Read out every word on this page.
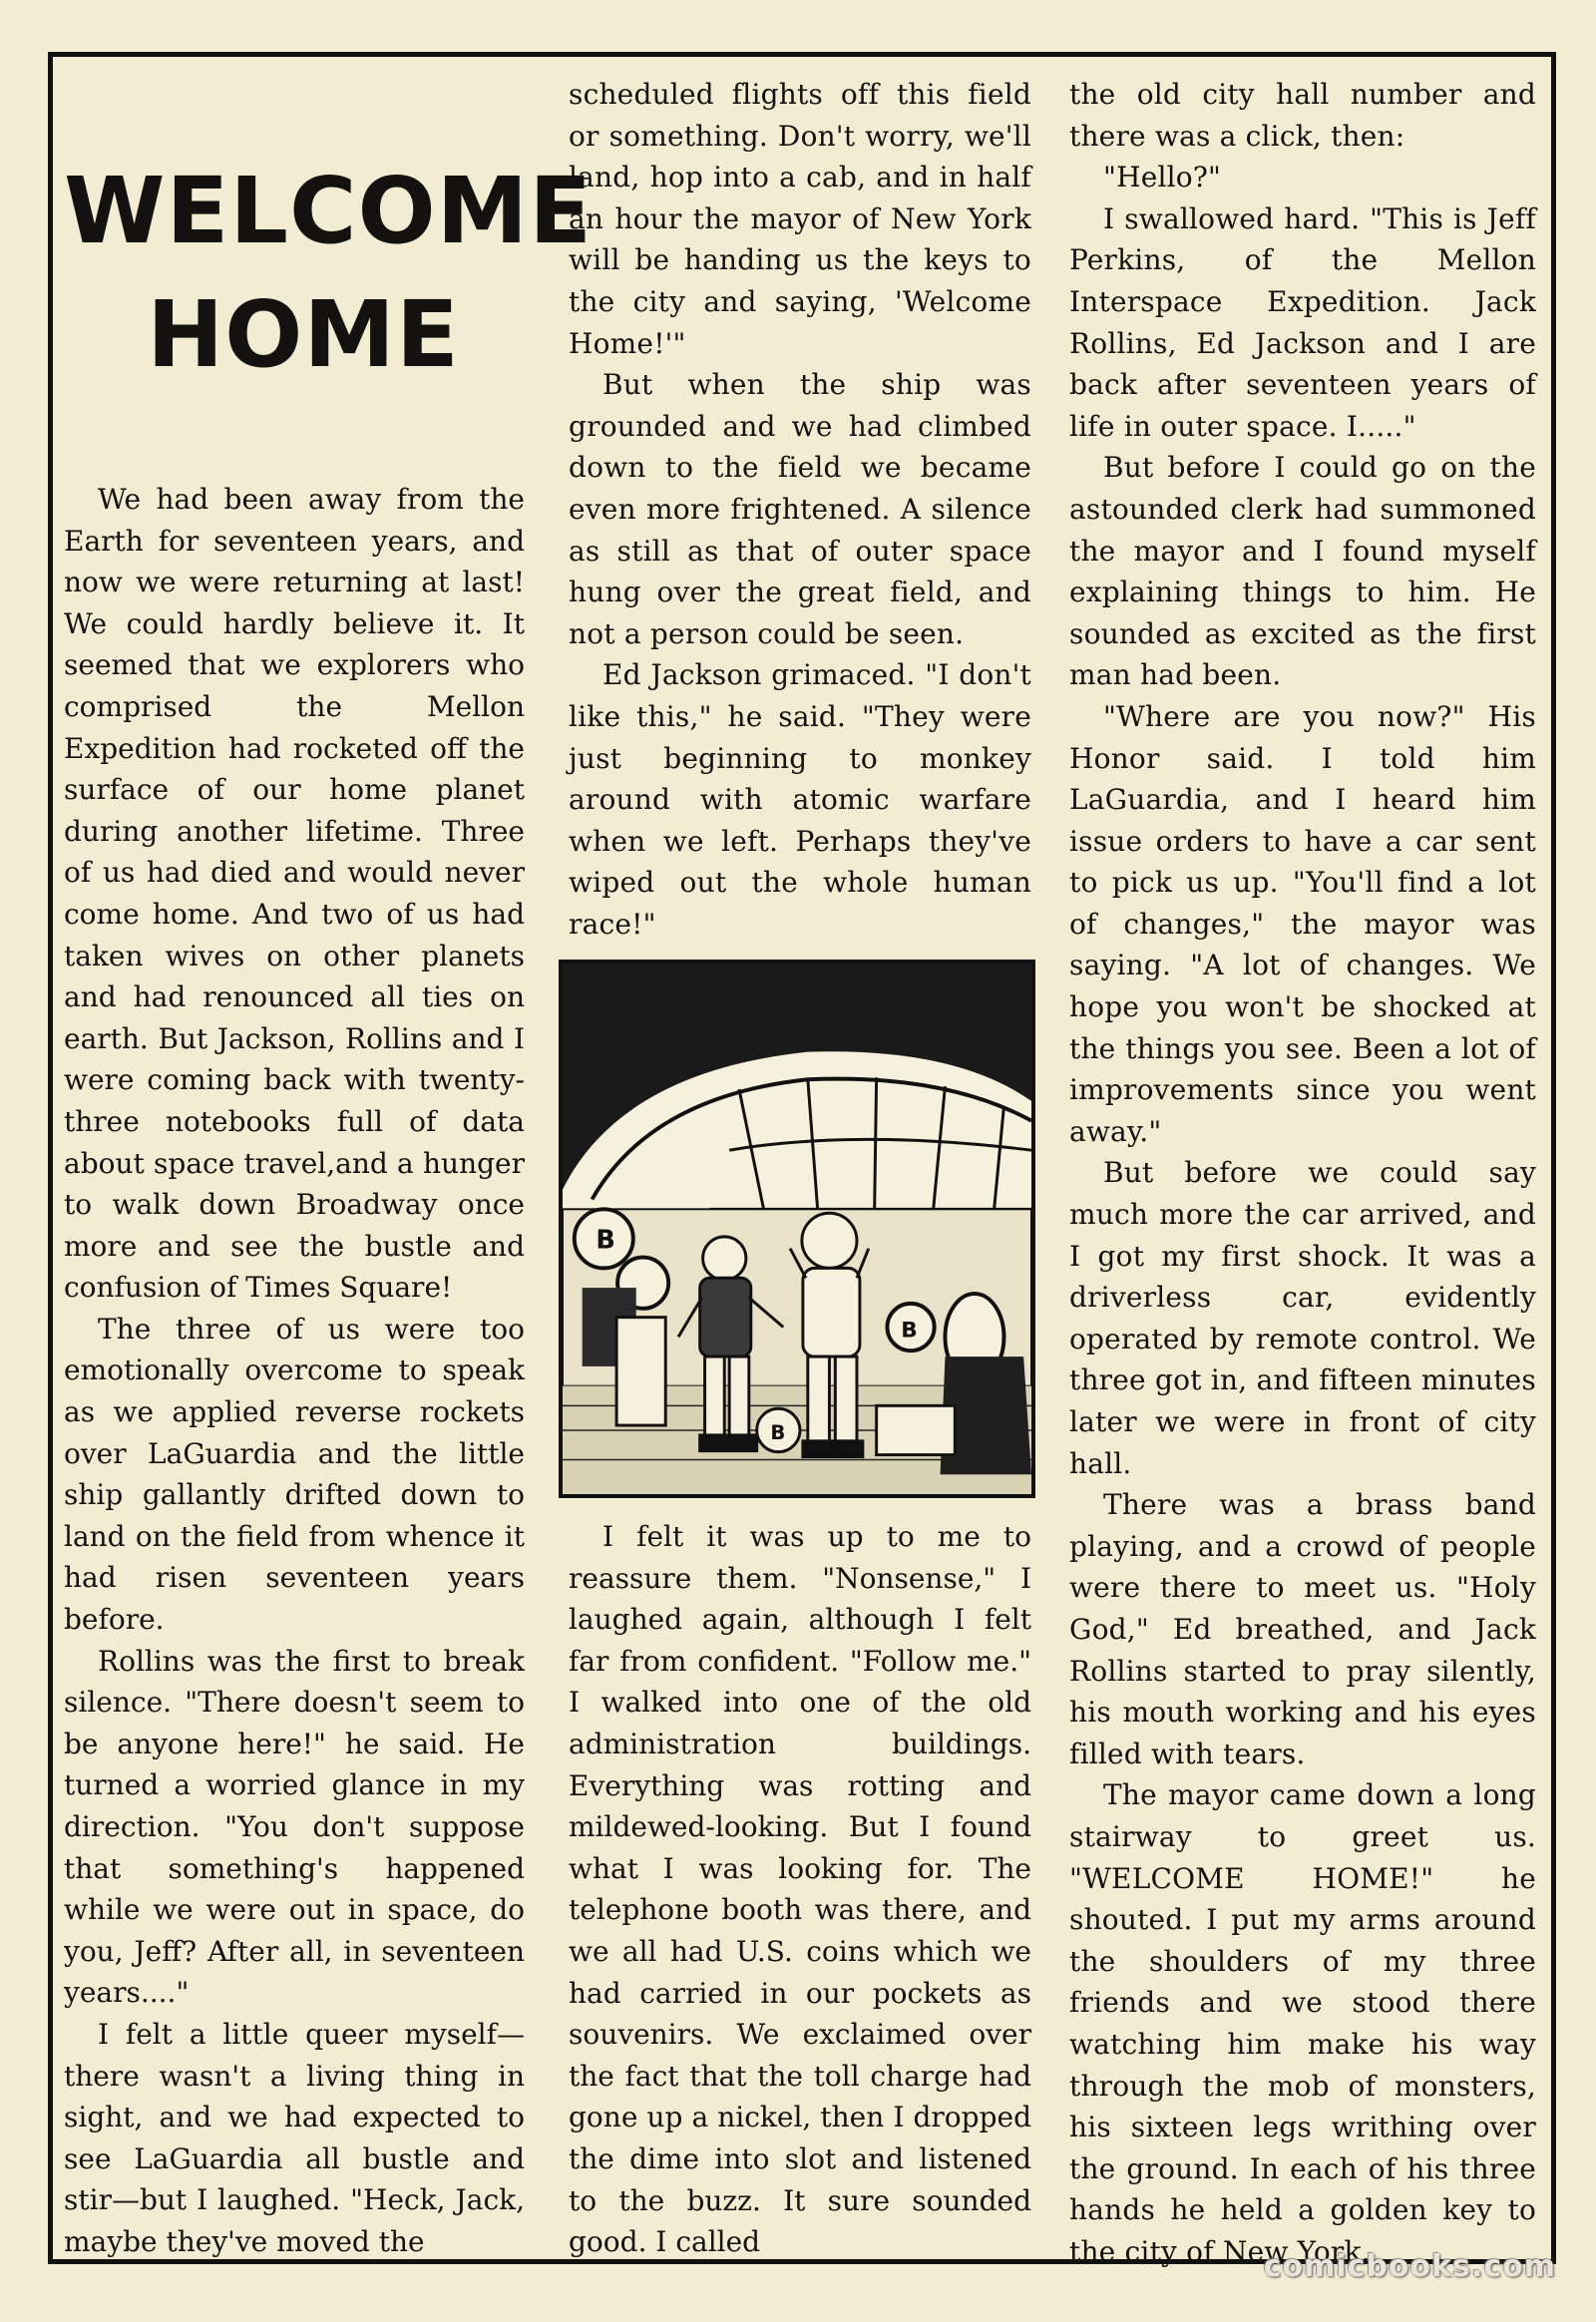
WELCOME
HOME

We had been away from the Earth for seventeen years, and now we were returning at last! We could hardly believe it. It seemed that we explorers who comprised the Mellon Expedition had rocketed off the surface of our home planet during another lifetime. Three of us had died and would never come home. And two of us had taken wives on other planets and had renounced all ties on earth. But Jackson, Rollins and I were coming back with twenty-three notebooks full of data about space travel,and a hunger to walk down Broadway once more and see the bustle and confusion of Times Square!

The three of us were too emotionally overcome to speak as we applied reverse rockets over LaGuardia and the little ship gallantly drifted down to land on the field from whence it had risen seventeen years before.

Rollins was the first to break silence. "There doesn't seem to be anyone here!" he said. He turned a worried glance in my direction. "You don't suppose that something's happened while we were out in space, do you, Jeff? After all, in seventeen years...."

I felt a little queer myself—there wasn't a living thing in sight, and we had expected to see LaGuardia all bustle and stir—but I laughed. "Heck, Jack, maybe they've moved the

scheduled flights off this field or something. Don't worry, we'll land, hop into a cab, and in half an hour the mayor of New York will be handing us the keys to the city and saying, 'Welcome Home!'"

But when the ship was grounded and we had climbed down to the field we became even more frightened. A silence as still as that of outer space hung over the great field, and not a person could be seen.

Ed Jackson grimaced. "I don't like this," he said. "They were just beginning to monkey around with atomic warfare when we left. Perhaps they've wiped out the whole human race!"

B
B
B

I felt it was up to me to reassure them. "Nonsense," I laughed again, although I felt far from confident. "Follow me." I walked into one of the old administration buildings. Everything was rotting and mildewed-looking. But I found what I was looking for. The telephone booth was there, and we all had U.S. coins which we had carried in our pockets as souvenirs. We exclaimed over the fact that the toll charge had gone up a nickel, then I dropped the dime into slot and listened to the buzz. It sure sounded good. I called

the old city hall number and there was a click, then:

"Hello?"

I swallowed hard. "This is Jeff Perkins, of the Mellon Interspace Expedition. Jack Rollins, Ed Jackson and I are back after seventeen years of life in outer space. I....."

But before I could go on the astounded clerk had summoned the mayor and I found myself explaining things to him. He sounded as excited as the first man had been.

"Where are you now?" His Honor said. I told him LaGuardia, and I heard him issue orders to have a car sent to pick us up. "You'll find a lot of changes," the mayor was saying. "A lot of changes. We hope you won't be shocked at the things you see. Been a lot of improvements since you went away."

But before we could say much more the car arrived, and I got my first shock. It was a driverless car, evidently operated by remote control. We three got in, and fifteen minutes later we were in front of city hall.

There was a brass band playing, and a crowd of people were there to meet us. "Holy God," Ed breathed, and Jack Rollins started to pray silently, his mouth working and his eyes filled with tears.

The mayor came down a long stairway to greet us. "WELCOME HOME!" he shouted. I put my arms around the shoulders of my three friends and we stood there watching him make his way through the mob of monsters, his sixteen legs writhing over the ground. In each of his three hands he held a golden key to the city of New York.

comicbooks.com
